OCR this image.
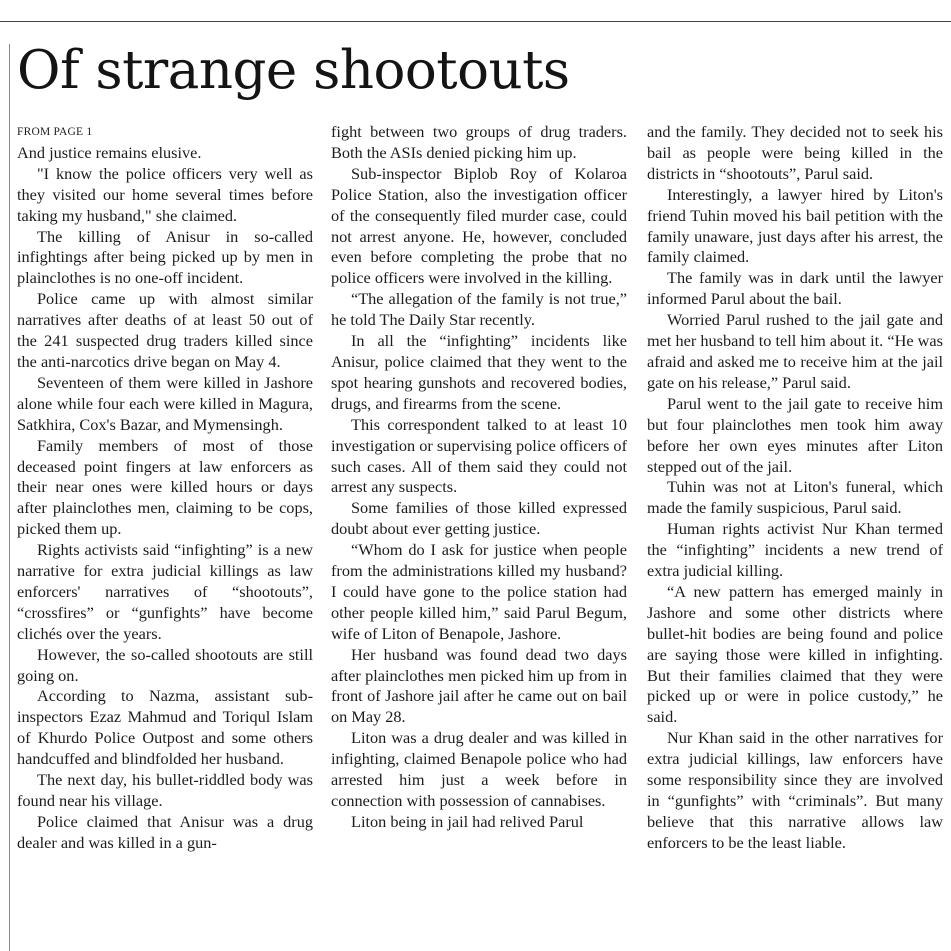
Of strange shootouts
FROM PAGE 1

And justice remains elusive.

"I know the police officers very well as they visited our home several times before taking my husband," she claimed.

The killing of Anisur in so-called infightings after being picked up by men in plainclothes is no one-off incident.

Police came up with almost similar narratives after deaths of at least 50 out of the 241 suspected drug traders killed since the anti-narcotics drive began on May 4.

Seventeen of them were killed in Jashore alone while four each were killed in Magura, Satkhira, Cox's Bazar, and Mymensingh.

Family members of most of those deceased point fingers at law enforcers as their near ones were killed hours or days after plainclothes men, claiming to be cops, picked them up.

Rights activists said “infighting” is a new narrative for extra judicial killings as law enforcers' narratives of “shootouts”, “crossfires” or “gunfights” have become clichés over the years.

However, the so-called shootouts are still going on.

According to Nazma, assistant sub-inspectors Ezaz Mahmud and Toriqul Islam of Khurdo Police Outpost and some others handcuffed and blindfolded her husband.

The next day, his bullet-riddled body was found near his village.

Police claimed that Anisur was a drug dealer and was killed in a gun-

fight between two groups of drug traders. Both the ASIs denied picking him up.

Sub-inspector Biplob Roy of Kolaroa Police Station, also the investigation officer of the consequently filed murder case, could not arrest anyone. He, however, concluded even before completing the probe that no police officers were involved in the killing.

“The allegation of the family is not true,” he told The Daily Star recently.

In all the “infighting” incidents like Anisur, police claimed that they went to the spot hearing gunshots and recovered bodies, drugs, and firearms from the scene.

This correspondent talked to at least 10 investigation or supervising police officers of such cases. All of them said they could not arrest any suspects.

Some families of those killed expressed doubt about ever getting justice.

“Whom do I ask for justice when people from the administrations killed my husband? I could have gone to the police station had other people killed him,” said Parul Begum, wife of Liton of Benapole, Jashore.

Her husband was found dead two days after plainclothes men picked him up from in front of Jashore jail after he came out on bail on May 28.

Liton was a drug dealer and was killed in infighting, claimed Benapole police who had arrested him just a week before in connection with possession of cannabises.

Liton being in jail had relived Parul

and the family. They decided not to seek his bail as people were being killed in the districts in “shootouts”, Parul said.

Interestingly, a lawyer hired by Liton's friend Tuhin moved his bail petition with the family unaware, just days after his arrest, the family claimed.

The family was in dark until the lawyer informed Parul about the bail.

Worried Parul rushed to the jail gate and met her husband to tell him about it. “He was afraid and asked me to receive him at the jail gate on his release,” Parul said.

Parul went to the jail gate to receive him but four plainclothes men took him away before her own eyes minutes after Liton stepped out of the jail.

Tuhin was not at Liton's funeral, which made the family suspicious, Parul said.

Human rights activist Nur Khan termed the “infighting” incidents a new trend of extra judicial killing.

“A new pattern has emerged mainly in Jashore and some other districts where bullet-hit bodies are being found and police are saying those were killed in infighting. But their families claimed that they were picked up or were in police custody,” he said.

Nur Khan said in the other narratives for extra judicial killings, law enforcers have some responsibility since they are involved in “gunfights” with “criminals”. But many believe that this narrative allows law enforcers to be the least liable.
